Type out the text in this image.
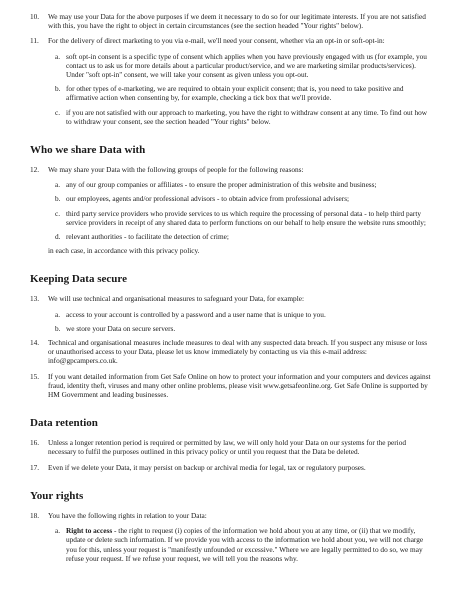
10.	We may use your Data for the above purposes if we deem it necessary to do so for our legitimate interests. If you are not satisfied with this, you have the right to object in certain circumstances (see the section headed "Your rights" below).
11.	For the delivery of direct marketing to you via e-mail, we'll need your consent, whether via an opt-in or soft-opt-in:
a. soft opt-in consent is a specific type of consent which applies when you have previously engaged with us (for example, you contact us to ask us for more details about a particular product/service, and we are marketing similar products/services). Under "soft opt-in" consent, we will take your consent as given unless you opt-out.
b. for other types of e-marketing, we are required to obtain your explicit consent; that is, you need to take positive and affirmative action when consenting by, for example, checking a tick box that we'll provide.
c. if you are not satisfied with our approach to marketing, you have the right to withdraw consent at any time. To find out how to withdraw your consent, see the section headed "Your rights" below.
Who we share Data with
12.	We may share your Data with the following groups of people for the following reasons:
a. any of our group companies or affiliates - to ensure the proper administration of this website and business;
b. our employees, agents and/or professional advisors - to obtain advice from professional advisers;
c. third party service providers who provide services to us which require the processing of personal data - to help third party service providers in receipt of any shared data to perform functions on our behalf to help ensure the website runs smoothly;
d. relevant authorities - to facilitate the detection of crime;
in each case, in accordance with this privacy policy.
Keeping Data secure
13.	We will use technical and organisational measures to safeguard your Data, for example:
a. access to your account is controlled by a password and a user name that is unique to you.
b. we store your Data on secure servers.
14.	Technical and organisational measures include measures to deal with any suspected data breach. If you suspect any misuse or loss or unauthorised access to your Data, please let us know immediately by contacting us via this e-mail address: info@gpcampers.co.uk.
15.	If you want detailed information from Get Safe Online on how to protect your information and your computers and devices against fraud, identity theft, viruses and many other online problems, please visit www.getsafeonline.org. Get Safe Online is supported by HM Government and leading businesses.
Data retention
16.	Unless a longer retention period is required or permitted by law, we will only hold your Data on our systems for the period necessary to fulfil the purposes outlined in this privacy policy or until you request that the Data be deleted.
17.	Even if we delete your Data, it may persist on backup or archival media for legal, tax or regulatory purposes.
Your rights
18.	You have the following rights in relation to your Data:
a. Right to access - the right to request (i) copies of the information we hold about you at any time, or (ii) that we modify, update or delete such information. If we provide you with access to the information we hold about you, we will not charge you for this, unless your request is "manifestly unfounded or excessive." Where we are legally permitted to do so, we may refuse your request. If we refuse your request, we will tell you the reasons why.
